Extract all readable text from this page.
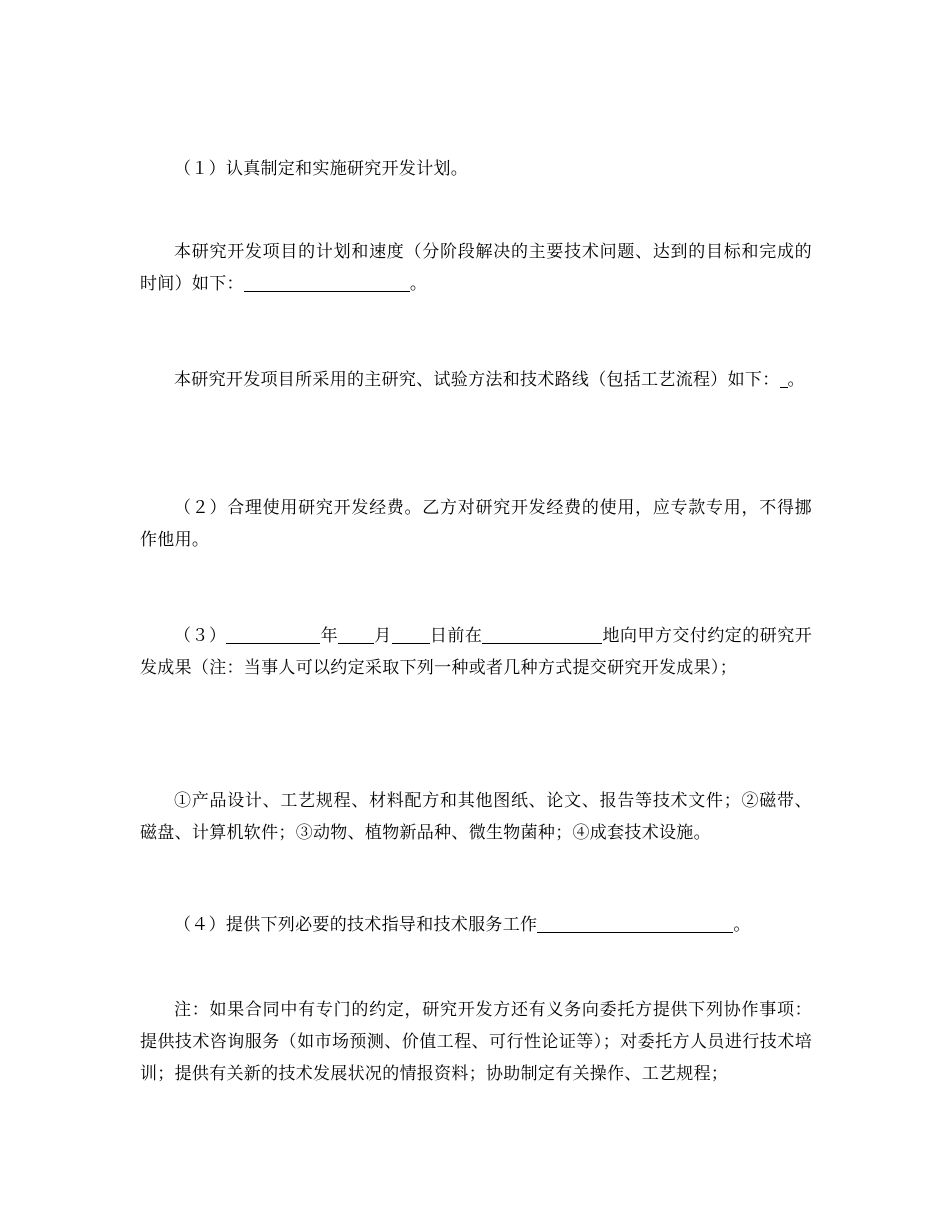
（１）认真制定和实施研究开发计划。

本研究开发项目的计划和速度（分阶段解决的主要技术问题、达到的目标和完成的时间）如下：	。

本研究开发项目所采用的主研究、试验方法和技术路线（包括工艺流程）如下： 。

（２）合理使用研究开发经费。乙方对研究开发经费的使用，应专款专用，不得挪作他用。

（３）	年 月 日前在	地向甲方交付约定的研究开发成果（注：当事人可以约定采取下列一种或者几种方式提交研究开发成果）；

①产品设计、工艺规程、材料配方和其他图纸、论文、报告等技术文件；②磁带、磁盘、计算机软件；③动物、植物新品种、微生物菌种；④成套技术设施。

（４）提供下列必要的技术指导和技术服务工作	。

注：如果合同中有专门的约定，研究开发方还有义务向委托方提供下列协作事项：提供技术咨询服务（如市场预测、价值工程、可行性论证等）；对委托方人员进行技术培训；提供有关新的技术发展状况的情报资料；协助制定有关操作、工艺规程；
